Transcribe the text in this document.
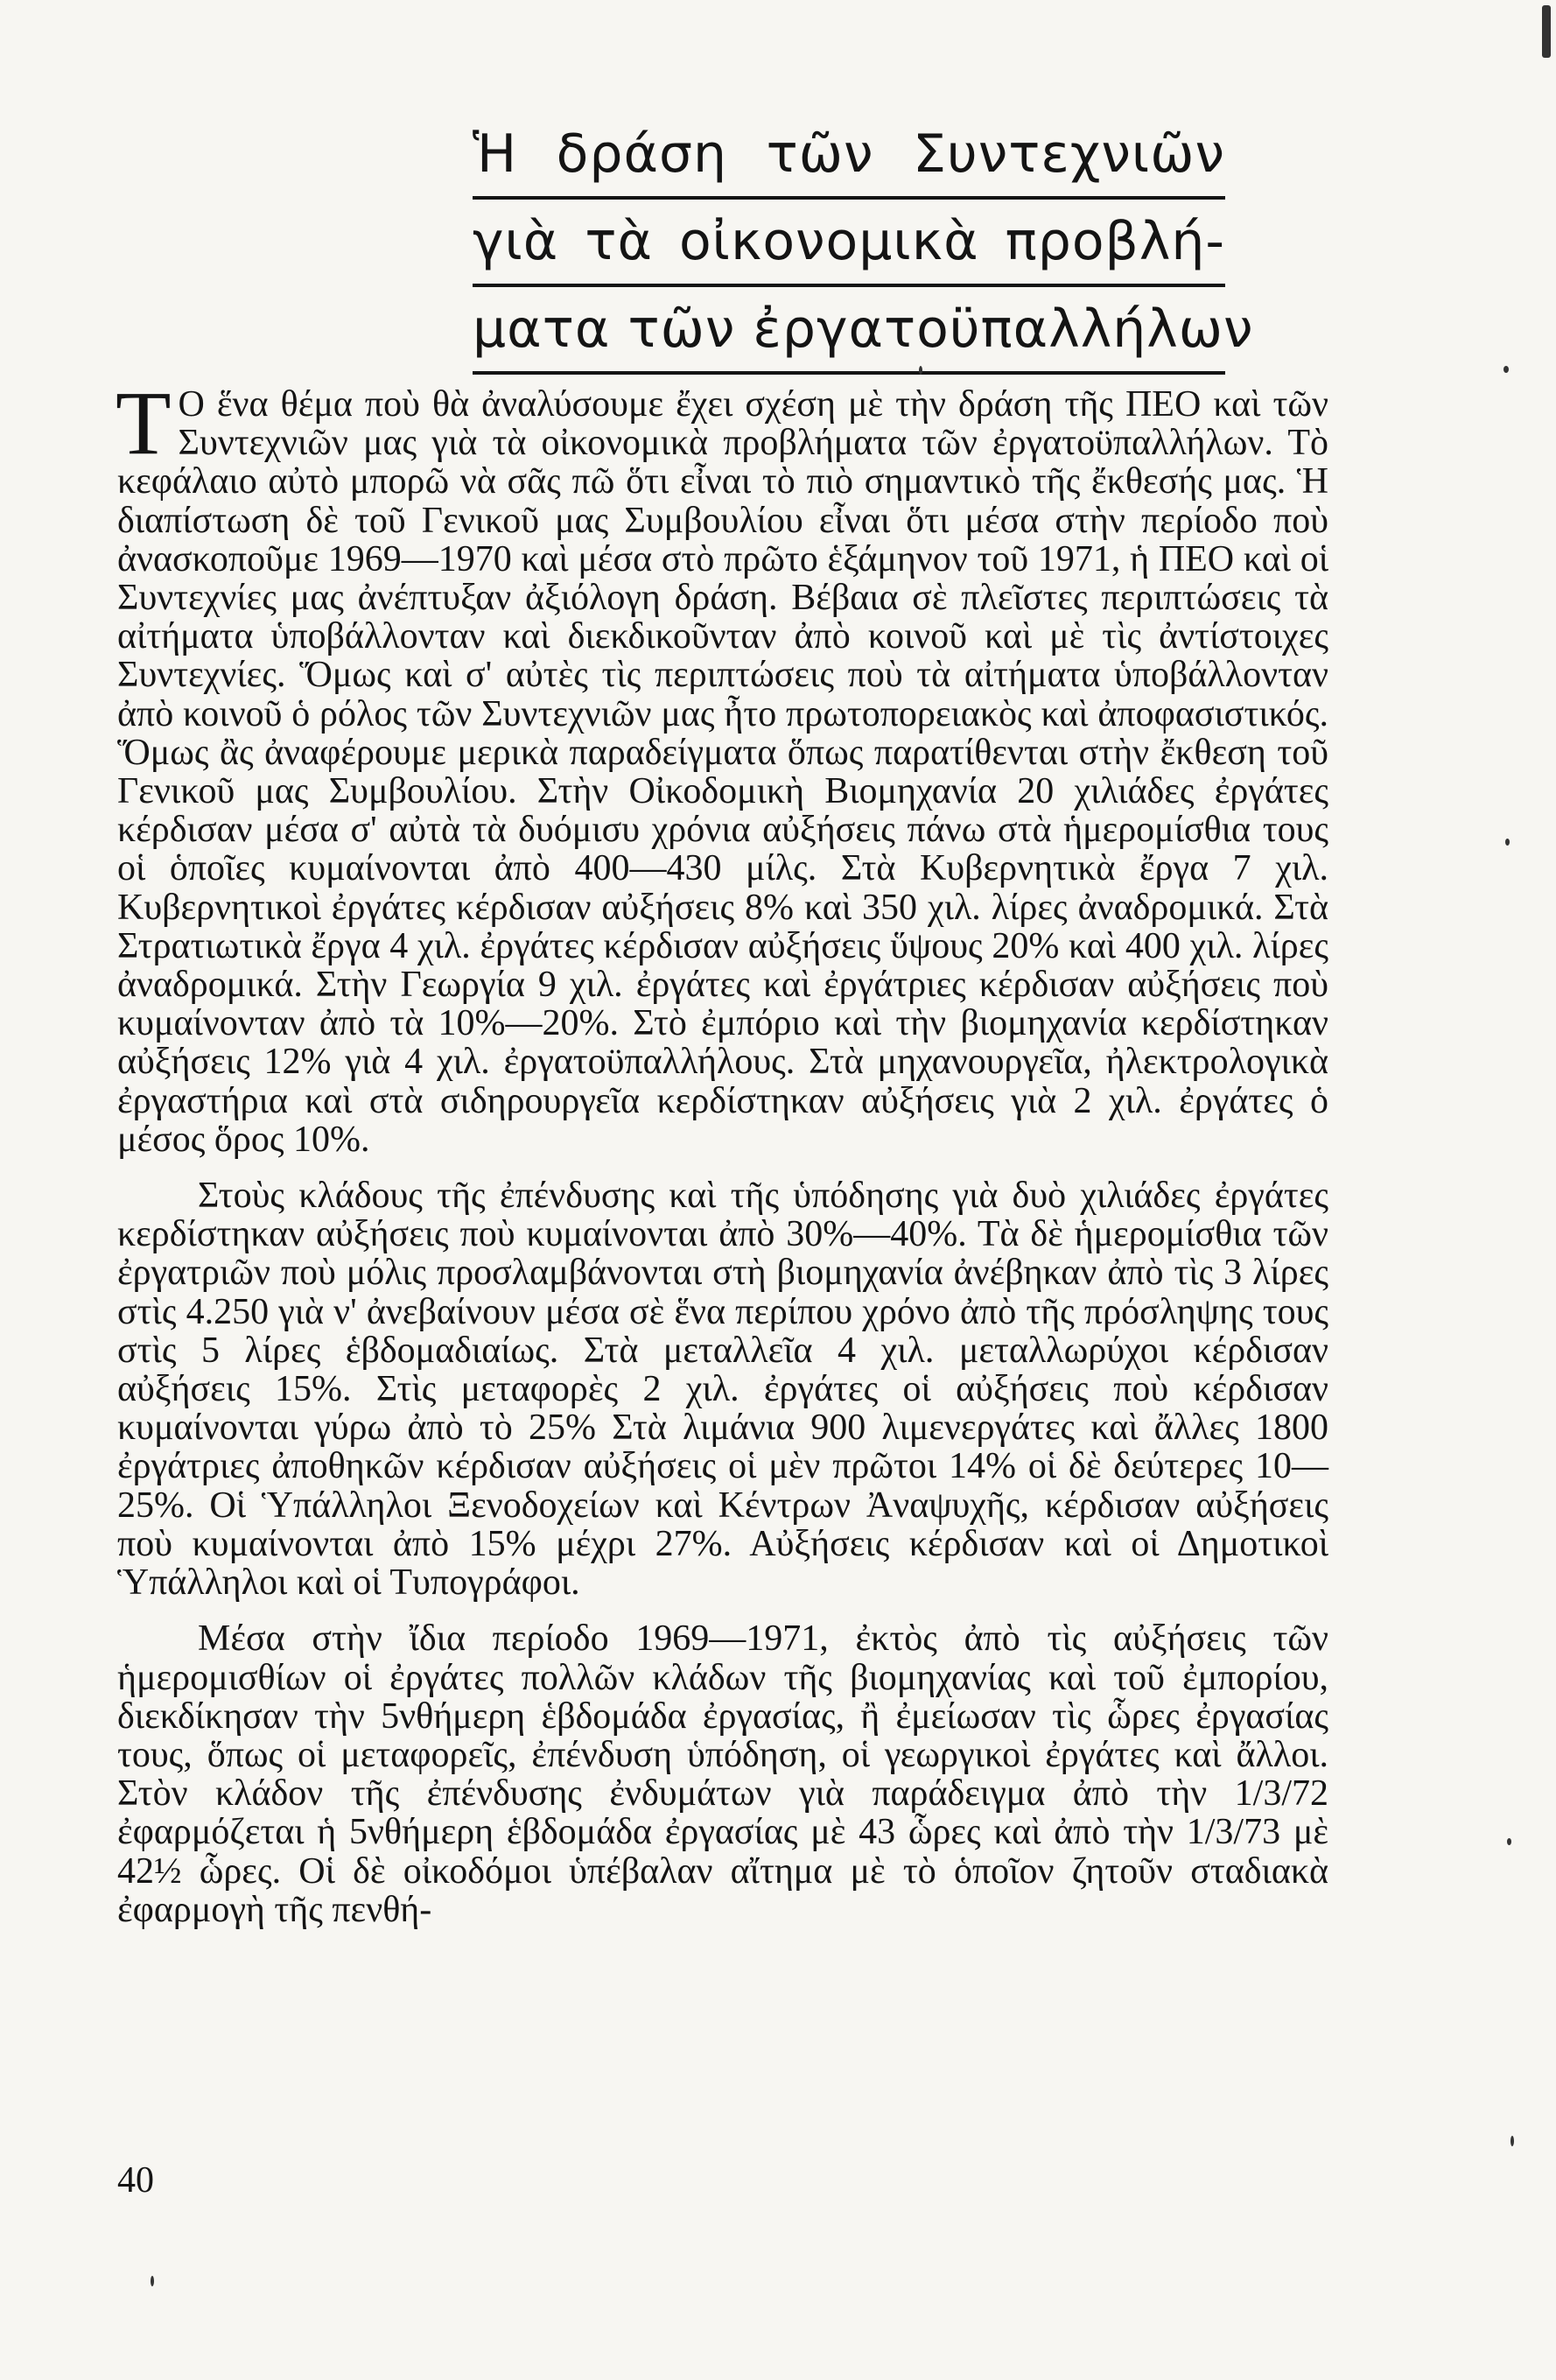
Ἡ δράση τῶν Συντεχνιῶν
γιὰ τὰ οἰκονομικὰ προβλή-
ματα τῶν ἐργατοϋπαλλήλων

Τ Ο ἕνα θέμα ποὺ θὰ ἀναλύσουμε ἔχει σχέση μὲ τὴν δράση τῆς ΠΕΟ καὶ τῶν Συντεχνιῶν μας γιὰ τὰ οἰκονομικὰ προβλήματα τῶν ἐργατοϋπαλλήλων. Τὸ κεφάλαιο αὐτὸ μπορῶ νὰ σᾶς πῶ ὅτι εἶναι τὸ πιὸ σημαντικὸ τῆς ἔκθεσής μας. Ἡ διαπίστωση δὲ τοῦ Γενικοῦ μας Συμβουλίου εἶναι ὅτι μέσα στὴν περίοδο ποὺ ἀνασκοποῦμε 1969—1970 καὶ μέσα στὸ πρῶτο ἑξάμηνον τοῦ 1971, ἡ ΠΕΟ καὶ οἱ Συντεχνίες μας ἀνέπτυξαν ἀξιόλογη δράση. Βέβαια σὲ πλεῖστες περιπτώσεις τὰ αἰτήματα ὑποβάλλονταν καὶ διεκδικοῦνταν ἀπὸ κοινοῦ καὶ μὲ τὶς ἀντίστοιχες Συντεχνίες. Ὅμως καὶ σ' αὐτὲς τὶς περιπτώσεις ποὺ τὰ αἰτήματα ὑποβάλλονταν ἀπὸ κοινοῦ ὁ ρόλος τῶν Συντεχνιῶν μας ἦτο πρωτοπορειακὸς καὶ ἀποφασιστικός. Ὅμως ἂς ἀναφέρουμε μερικὰ παραδείγματα ὅπως παρατίθενται στὴν ἔκθεση τοῦ Γενικοῦ μας Συμβουλίου. Στὴν Οἰκοδομικὴ Βιομηχανία 20 χιλιάδες ἐργάτες κέρδισαν μέσα σ' αὐτὰ τὰ δυόμισυ χρόνια αὐξήσεις πάνω στὰ ἡμερομίσθια τους οἱ ὁποῖες κυμαίνονται ἀπὸ 400—430 μίλς. Στὰ Κυβερνητικὰ ἔργα 7 χιλ. Κυβερνητικοὶ ἐργάτες κέρδισαν αὐξήσεις 8% καὶ 350 χιλ. λίρες ἀναδρομικά. Στὰ Στρατιωτικὰ ἔργα 4 χιλ. ἐργάτες κέρδισαν αὐξήσεις ὕψους 20% καὶ 400 χιλ. λίρες ἀναδρομικά. Στὴν Γεωργία 9 χιλ. ἐργάτες καὶ ἐργάτριες κέρδισαν αὐξήσεις ποὺ κυμαίνονταν ἀπὸ τὰ 10%—20%. Στὸ ἐμπόριο καὶ τὴν βιομηχανία κερδίστηκαν αὐξήσεις 12% γιὰ 4 χιλ. ἐργατοϋπαλλήλους. Στὰ μηχανουργεῖα, ἠλεκτρολογικὰ ἐργαστήρια καὶ στὰ σιδηρουργεῖα κερδίστηκαν αὐξήσεις γιὰ 2 χιλ. ἐργάτες ὁ μέσος ὅρος 10%.

Στοὺς κλάδους τῆς ἐπένδυσης καὶ τῆς ὑπόδησης γιὰ δυὸ χιλιάδες ἐργάτες κερδίστηκαν αὐξήσεις ποὺ κυμαίνονται ἀπὸ 30%—40%. Τὰ δὲ ἡμερομίσθια τῶν ἐργατριῶν ποὺ μόλις προσλαμβάνονται στὴ βιομηχανία ἀνέβηκαν ἀπὸ τὶς 3 λίρες στὶς 4.250 γιὰ ν' ἀνεβαίνουν μέσα σὲ ἕνα περίπου χρόνο ἀπὸ τῆς πρόσληψης τους στὶς 5 λίρες ἑβδομαδιαίως. Στὰ μεταλλεῖα 4 χιλ. μεταλλωρύχοι κέρδισαν αὐξήσεις 15%. Στὶς μεταφορὲς 2 χιλ. ἐργάτες οἱ αὐξήσεις ποὺ κέρδισαν κυμαίνονται γύρω ἀπὸ τὸ 25% Στὰ λιμάνια 900 λιμενεργάτες καὶ ἄλλες 1800 ἐργάτριες ἀποθηκῶν κέρδισαν αὐξήσεις οἱ μὲν πρῶτοι 14% οἱ δὲ δεύτερες 10—25%. Οἱ Ὑπάλληλοι Ξενοδοχείων καὶ Κέντρων Ἀναψυχῆς, κέρδισαν αὐξήσεις ποὺ κυμαίνονται ἀπὸ 15% μέχρι 27%. Αὐξήσεις κέρδισαν καὶ οἱ Δημοτικοὶ Ὑπάλληλοι καὶ οἱ Τυπογράφοι.

Μέσα στὴν ἴδια περίοδο 1969—1971, ἐκτὸς ἀπὸ τὶς αὐξήσεις τῶν ἡμερομισθίων οἱ ἐργάτες πολλῶν κλάδων τῆς βιομηχανίας καὶ τοῦ ἐμπορίου, διεκδίκησαν τὴν 5νθήμερη ἑβδομάδα ἐργασίας, ἢ ἐμείωσαν τὶς ὧρες ἐργασίας τους, ὅπως οἱ μεταφορεῖς, ἐπένδυση ὑπόδηση, οἱ γεωργικοὶ ἐργάτες καὶ ἄλλοι. Στὸν κλάδον τῆς ἐπένδυσης ἐνδυμάτων γιὰ παράδειγμα ἀπὸ τὴν 1/3/72 ἐφαρμόζεται ἡ 5νθήμερη ἑβδομάδα ἐργασίας μὲ 43 ὧρες καὶ ἀπὸ τὴν 1/3/73 μὲ 42½ ὧρες. Οἱ δὲ οἰκοδόμοι ὑπέβαλαν αἴτημα μὲ τὸ ὁποῖον ζητοῦν σταδιακὰ ἐφαρμογὴ τῆς πενθή-

40
